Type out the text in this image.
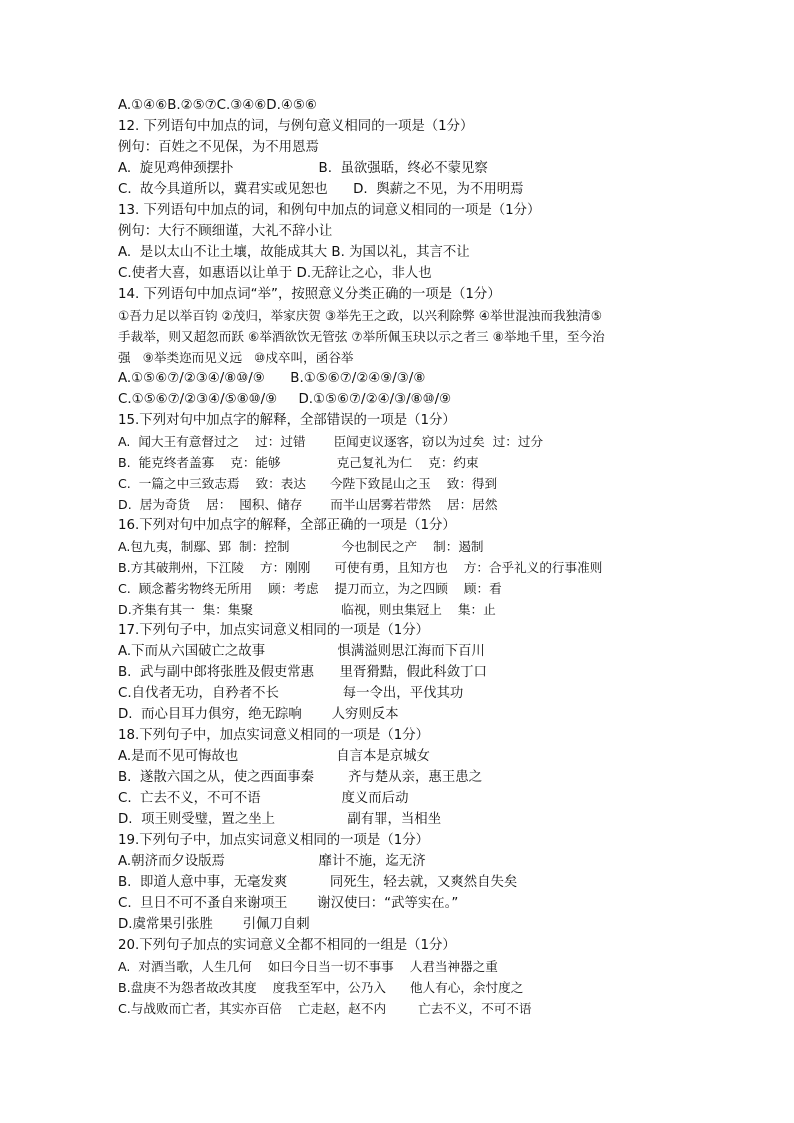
A.①④⑥B.②⑤⑦C.③④⑥D.④⑤⑥
12. 下列语句中加点的词，与例句意义相同的一项是（1分）
例句：百姓之不见保，为不用恩焉
A.  旋见鸡伸颈摆扑                    B.  虽欲强聒，终必不蒙见察
C.  故今具道所以，冀君实或见恕也      D.  舆薪之不见，为不用明焉
13. 下列语句中加点的词，和例句中加点的词意义相同的一项是（1分）
例句：大行不顾细谨，大礼不辞小让
A.  是以太山不让土壤，故能成其大 B. 为国以礼，其言不让
C.使者大喜，如惠语以让单于 D.无辞让之心，非人也
14. 下列语句中加点词“举”，按照意义分类正确的一项是（1分）
①吾力足以举百钧 ②茂归，举家庆贺 ③举先王之政，以兴利除弊 ④举世混浊而我独清⑤
手裁举，则又超忽而跃 ⑥举酒欲饮无管弦 ⑦举所佩玉玦以示之者三 ⑧举地千里，至今治
强   ⑨举类迩而见义远   ⑩戍卒叫，函谷举
A.①⑤⑥⑦/②③④/⑧⑩/⑨      B.①⑤⑥⑦/②④⑨/③/⑧
C.①⑤⑥⑦/②③④/⑤⑧⑩/⑨     D.①⑤⑥⑦/②④/③/⑧⑩/⑨
15.下列对句中加点字的解释，全部错误的一项是（1分）
A.  闻大王有意督过之    过：过错       臣闻吏议逐客，窃以为过矣  过：过分
B.  能克终者盖寡    克：能够              克己复礼为仁    克：约束
C.  一篇之中三致志焉    致：表达      今陛下致昆山之玉    致：得到
D.  居为奇货    居：  囤积、储存       而半山居雾若带然    居：居然
16.下列对句中加点字的解释，全部正确的一项是（1分）
A.包九夷，制鄢、郢  制：控制             今也制民之产    制：遏制
B.方其破荆州，下江陵    方：刚刚      可使有勇，且知方也    方：合乎礼义的行事准则
C.  顾念蓄劣物终无所用    顾：考虑    提刀而立，为之四顾    顾：看
D.齐集有其一  集：集聚                      临视，则虫集冠上    集：止
17.下列句子中，加点实词意义相同的一项是（1分）
A.下而从六国破亡之故事                 惧满溢则思江海而下百川
B.  武与副中郎将张胜及假吏常惠      里胥猾黠，假此科敛丁口
C.自伐者无功，自矜者不长               每一令出，平伐其功
D.  而心目耳力俱穷，绝无踪响       人穷则反本
18.下列句子中，加点实词意义相同的一项是（1分）
A.是而不见可悔故也                       自言本是京城女
B.  遂散六国之从，使之西面事秦        齐与楚从亲，惠王患之
C.  亡去不义，不可不语                   度义而后动
D.  项王则受璧，置之坐上                 副有罪，当相坐
19.下列句子中，加点实词意义相同的一项是（1分）
A.朝济而夕设版焉                      靡计不施，迄无济
B.  即道人意中事，无毫发爽          同死生，轻去就，又爽然自失矣
C.  旦日不可不蚤自来谢项王       谢汉使曰：“武等实在。”
D.虞常果引张胜       引佩刀自刺
20.下列句子加点的实词意义全都不相同的一组是（1分）
A.  对酒当歌，人生几何    如曰今日当一切不事事    人君当神器之重
B.盘庚不为怨者故改其度    度我至军中，公乃入      他人有心，余忖度之
C.与战败而亡者，其实亦百倍    亡走赵，赵不内        亡去不义，不可不语
